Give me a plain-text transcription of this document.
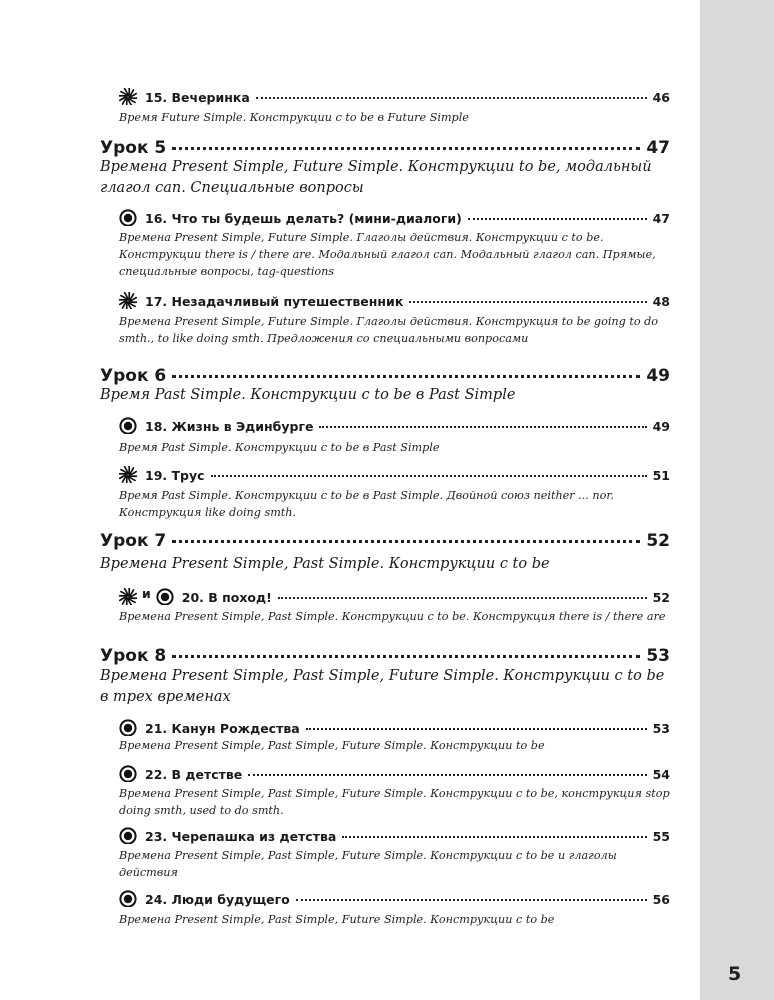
15. Вечеринка	46
Время Future Simple. Конструкции с to be в Future Simple
Урок 5	47
Времена Present Simple, Future Simple. Конструкции to be, модальный глагол can. Специальные вопросы
16. Что ты будешь делать? (мини-диалоги)	47
Времена Present Simple, Future Simple. Глаголы действия. Конструкции с to be. Конструкции there is / there are. Модальный глагол can. Модальный глагол can. Прямые, специальные вопросы, tag-questions
17. Незадачливый путешественник	48
Времена Present Simple, Future Simple. Глаголы действия. Конструкция to be going to do smth., to like doing smth. Предложения со специальными вопросами
Урок 6	49
Время Past Simple. Конструкции с to be в Past Simple
18. Жизнь в Эдинбурге	49
Время Past Simple. Конструкции с to be в Past Simple
19. Трус	51
Время Past Simple. Конструкции с to be в Past Simple. Двойной союз neither ... nor. Конструкция like doing smth.
Урок 7	52
Времена Present Simple, Past Simple. Конструкции с to be
и 20. В поход!	52
Времена Present Simple, Past Simple. Конструкции с to be. Конструкция there is / there are
Урок 8	53
Времена Present Simple, Past Simple, Future Simple. Конструкции с to be в трех временах
21. Канун Рождества	53
Времена Present Simple, Past Simple, Future Simple. Конструкции to be
22. В детстве	54
Времена Present Simple, Past Simple, Future Simple. Конструкции с to be, конструкция stop doing smth, used to do smth.
23. Черепашка из детства	55
Времена Present Simple, Past Simple, Future Simple. Конструкции с to be и глаголы действия
24. Люди будущего	56
Времена Present Simple, Past Simple, Future Simple. Конструкции с to be
5
